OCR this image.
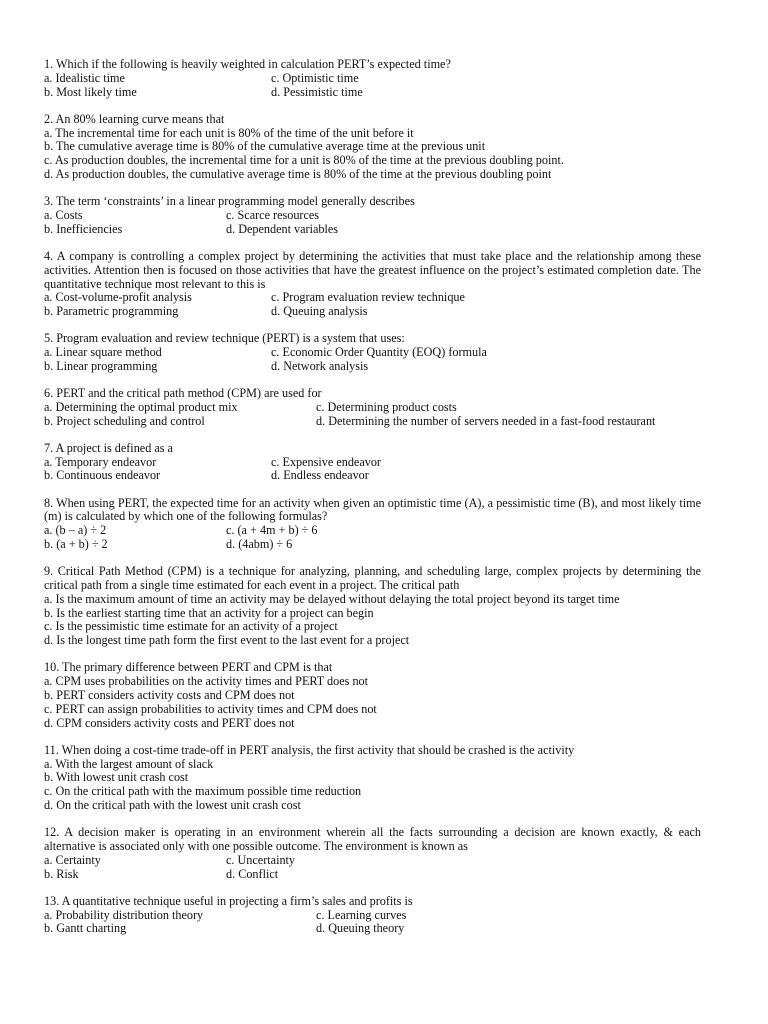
1. Which if the following is heavily weighted in calculation PERT’s expected time?
a. Idealistic time
b. Most likely time
c. Optimistic time
d. Pessimistic time
2. An 80% learning curve means that
a. The incremental time for each unit is 80% of the time of the unit before it
b. The cumulative average time is 80% of the cumulative average time at the previous unit
c. As production doubles, the incremental time for a unit is 80% of the time at the previous doubling point.
d. As production doubles, the cumulative average time is 80% of the time at the previous doubling point
3. The term ‘constraints’ in a linear programming model generally describes
a. Costs
b. Inefficiencies
c. Scarce resources
d. Dependent variables
4. A company is controlling a complex project by determining the activities that must take place and the relationship among these activities. Attention then is focused on those activities that have the greatest influence on the project’s estimated completion date. The quantitative technique most relevant to this is
a. Cost-volume-profit analysis
b. Parametric programming
c. Program evaluation review technique
d. Queuing analysis
5. Program evaluation and review technique (PERT) is a system that uses:
a. Linear square method
b. Linear programming
c. Economic Order Quantity (EOQ) formula
d. Network analysis
6. PERT and the critical path method (CPM) are used for
a. Determining the optimal product mix
b. Project scheduling and control
c. Determining product costs
d. Determining the number of servers needed in a fast-food restaurant
7. A project is defined as a
a. Temporary endeavor
b. Continuous endeavor
c. Expensive endeavor
d. Endless endeavor
8. When using PERT, the expected time for an activity when given an optimistic time (A), a pessimistic time (B), and most likely time (m) is calculated by which one of the following formulas?
a. (b – a) ÷ 2
b. (a + b) ÷ 2
c. (a + 4m + b) ÷ 6
d. (4abm) ÷ 6
9. Critical Path Method (CPM) is a technique for analyzing, planning, and scheduling large, complex projects by determining the critical path from a single time estimated for each event in a project. The critical path
a. Is the maximum amount of time an activity may be delayed without delaying the total project beyond its target time
b. Is the earliest starting time that an activity for a project can begin
c. Is the pessimistic time estimate for an activity of a project
d. Is the longest time path form the first event to the last event for a project
10. The primary difference between PERT and CPM is that
a. CPM uses probabilities on the activity times and PERT does not
b. PERT considers activity costs and CPM does not
c. PERT can assign probabilities to activity times and CPM does not
d. CPM considers activity costs and PERT does not
11. When doing a cost-time trade-off in PERT analysis, the first activity that should be crashed is the activity
a. With the largest amount of slack
b. With lowest unit crash cost
c. On the critical path with the maximum possible time reduction
d. On the critical path with the lowest unit crash cost
12. A decision maker is operating in an environment wherein all the facts surrounding a decision are known exactly, & each alternative is associated only with one possible outcome. The environment is known as
a. Certainty
b. Risk
c. Uncertainty
d. Conflict
13. A quantitative technique useful in projecting a firm’s sales and profits is
a. Probability distribution theory
b. Gantt charting
c. Learning curves
d. Queuing theory
